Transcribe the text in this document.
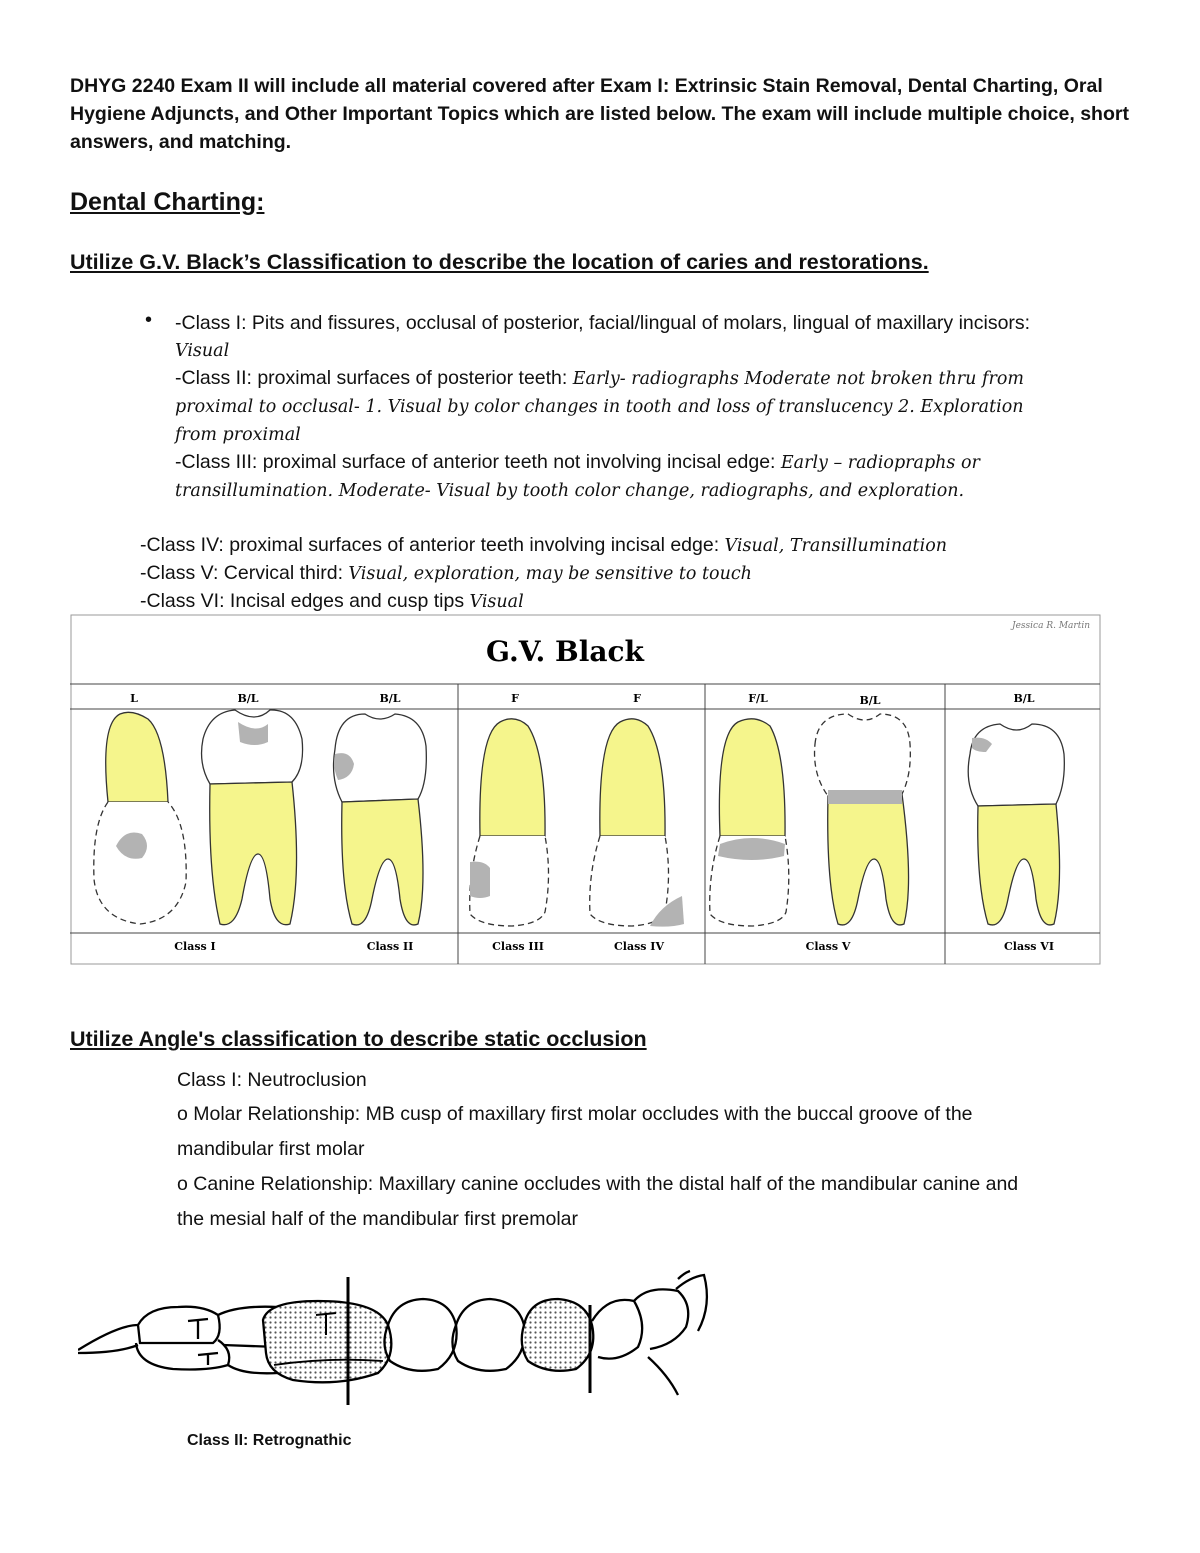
DHYG 2240 Exam II will include all material covered after Exam I: Extrinsic Stain Removal, Dental Charting, Oral Hygiene Adjuncts, and Other Important Topics which are listed below. The exam will include multiple choice, short answers, and matching.
Dental Charting:
Utilize G.V. Black’s Classification to describe the location of caries and restorations.
• -Class I: Pits and fissures, occlusal of posterior, facial/lingual of molars, lingual of maxillary incisors:
Visual
-Class II: proximal surfaces of posterior teeth: Early- radiographs Moderate not broken thru from
proximal to occlusal- 1. Visual by color changes in tooth and loss of translucency 2. Exploration
from proximal
-Class III: proximal surface of anterior teeth not involving incisal edge: Early – radiopraphs or
transillumination. Moderate- Visual by tooth color change, radiographs, and exploration.
-Class IV: proximal surfaces of anterior teeth involving incisal edge: Visual, Transillumination
-Class V: Cervical third: Visual, exploration, may be sensitive to touch
-Class VI: Incisal edges and cusp tips Visual
G.V. Black
Jessica R. Martin
L	B/L	B/L	F	F	F/L	B/L	B/L
Class I	Class II	Class III	Class IV	Class V	Class VI
Utilize Angle's classification to describe static occlusion
Class I: Neutroclusion
o Molar Relationship: MB cusp of maxillary first molar occludes with the buccal groove of the
mandibular first molar
o Canine Relationship: Maxillary canine occludes with the distal half of the mandibular canine and
the mesial half of the mandibular first premolar
Class II: Retrognathic
